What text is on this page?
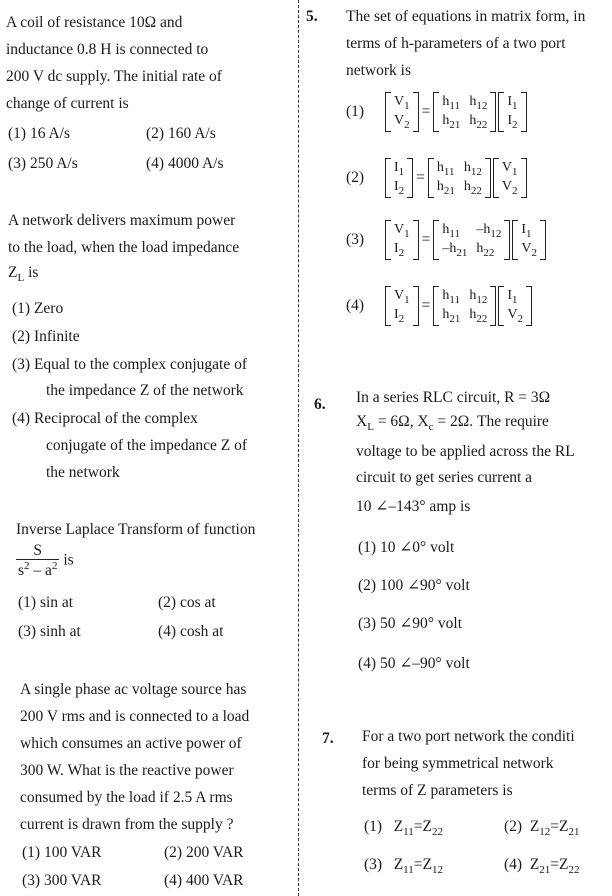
A coil of resistance 10Ω and
inductance 0.8 H is connected to
200 V dc supply. The initial rate of
change of current is
(1) 16 A/s	(2) 160 A/s
(3) 250 A/s	(4) 4000 A/s
A network delivers maximum power
to the load, when the load impedance
$Z_L$ is
(1) Zero
(2) Infinite
(3) Equal to the complex conjugate of
the impedance Z of the network
(4) Reciprocal of the complex
conjugate of the impedance Z of
the network
Inverse Laplace Transform of function
$\frac{S}{s^2 - a^2}$ is
(1) sin at	(2) cos at
(3) sinh at	(4) cosh at
A single phase ac voltage source has
200 V rms and is connected to a load
which consumes an active power of
300 W. What is the reactive power
consumed by the load if 2.5 A rms
current is drawn from the supply ?
(1) 100 VAR	(2) 200 VAR
(3) 300 VAR	(4) 400 VAR
5. The set of equations in matrix form, in
terms of h-parameters of a two port
network is
(1)
$V_1$
$V_2$
=
$h_{11}$ $h_{12}$
$h_{21}$ $h_{22}$
$I_1$
$I_2$
(2)
$I_1$
$I_2$
=
$h_{11}$ $h_{12}$
$h_{21}$ $h_{22}$
$V_1$
$V_2$
(3)
$V_1$
$I_2$
=
$h_{11}$	$-h_{12}$
$-h_{21}$ $h_{22}$
$I_1$
$V_2$
(4)
$V_1$
$I_2$
=
$h_{11}$ $h_{12}$
$h_{21}$ $h_{22}$
$I_1$
$V_2$
6. In a series RLC circuit, R = 3Ω
$X_L = 6\Omega$, $X_c = 2\Omega$. The require
voltage to be applied across the RL
circuit to get series current a
10 ∠–143° amp is
(1) 10 ∠0° volt
(2) 100 ∠90° volt
(3) 50 ∠90° volt
(4) 50 ∠–90° volt
7. For a two port network the conditi
for being symmetrical network
terms of Z parameters is
(1) $Z_{11}=Z_{22}$	(2) $Z_{12}=Z_{21}$
(3) $Z_{11}=Z_{12}$	(4) $Z_{21}=Z_{22}$
